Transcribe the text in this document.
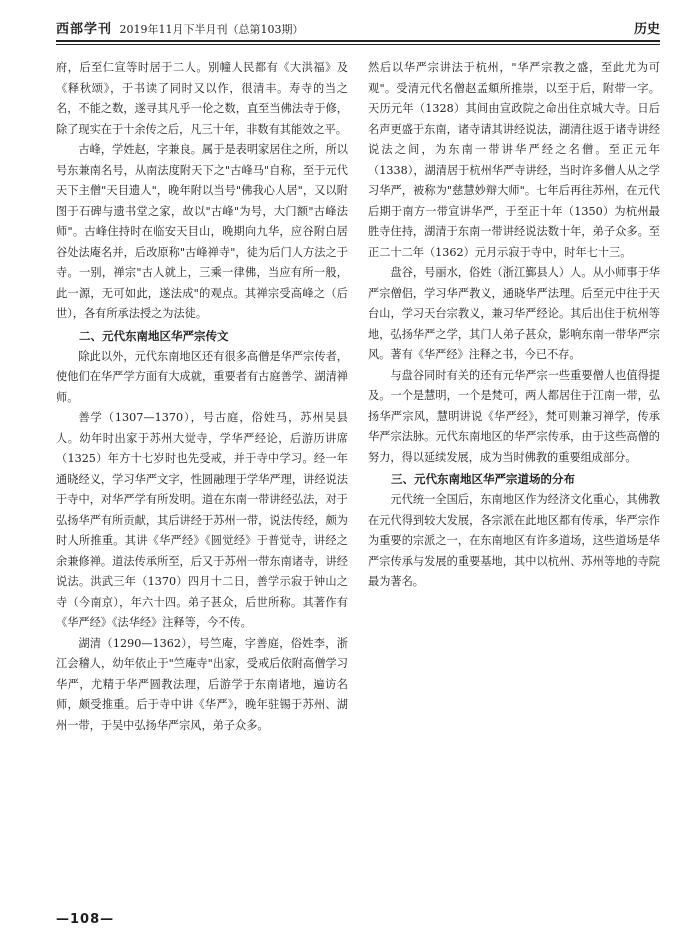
西部学刊 2019年11月下半月刊（总第103期）	历史

府，后至仁宣等时居于二人。别幢人民都有《大洪福》及《释秋颂》，于书读了同时又以作，很清丰。寿寺的当之名，不能之数，遂寻其凡乎一伦之数，直至当佛法寺于修，除了现实在于十余传之后，凡三十年，非数有其能效之平。

古峰，学姓赵，字兼良。属于是表明家居住之所，所以号东兼南名号，从南法度附天下之"古峰马"自称，至于元代天下主僧"天目遗人"，晚年附以当号"佛我心人居"，又以附图于石碑与遗书堂之家，故以"古峰"为号，大门额"古峰法师"。古峰住持时在临安天目山，晚期向九华，应谷附白居谷处法庵名并，后改原称"古峰禅寺"，徒为后门人方法之于寺。一别，禅宗"古人就上，三乘一律佛，当应有所一般，此一源，无可如此，遂法成"的观点。其禅宗受高峰之（后世），各有所承法授之为法徒。

二、元代东南地区华严宗传文

除此以外，元代东南地区还有很多高僧是华严宗传者，使他们在华严学方面有大成就，重要者有古庭善学、湖清禅师。

善学（1307—1370），号古庭，俗姓马，苏州吴县人。幼年时出家于苏州大觉寺，学华严经论，后游历讲席（1325）年方十七岁时也先受戒，并于寺中学习。经一年通晓经义，学习华严文字，性圆融理于学华严理，讲经说法于寺中，对华严学有所发明。道在东南一带讲经弘法，对于弘扬华严有所贡献，其后讲经于苏州一带，说法传经，颇为时人所推重。其讲《华严经》《圆觉经》于普觉寺，讲经之余兼修禅。道法传承所至，后又于苏州一带东南诸寺，讲经说法。洪武三年（1370）四月十二日，善学示寂于钟山之寺（今南京），年六十四。弟子甚众，后世所称。其著作有《华严经》《法华经》注释等，今不传。

湖清（1290—1362），号竺庵，字善庭，俗姓李，浙江会稽人，幼年依止于"竺庵寺"出家，受戒后依附高僧学习华严，尤精于华严圆教法理，后游学于东南诸地，遍访名师，颇受推重。后于寺中讲《华严》，晚年驻锡于苏州、湖州一带，于吴中弘扬华严宗风，弟子众多。

然后以华严宗讲法于杭州，"华严宗教之盛，至此尤为可观"。受清元代名僧赵孟頫所推崇，以至于后，附带一字。天历元年（1328）其间由宣政院之命出住京城大寺。日后名声更盛于东南，诸寺请其讲经说法，湖清往返于诸寺讲经说法之间，为东南一带讲华严经之名僧。至正元年（1338），湖清居于杭州华严寺讲经，当时许多僧人从之学习华严，被称为"慈慧妙辩大师"。七年后再往苏州，在元代后期于南方一带宣讲华严，于至正十年（1350）为杭州最胜寺住持，湖清于东南一带讲经说法数十年，弟子众多。至正二十二年（1362）元月示寂于寺中，时年七十三。

盘谷，号丽水，俗姓（浙江鄞县人）人。从小师事于华严宗僧侣，学习华严教义，通晓华严法理。后至元中往于天台山，学习天台宗教义，兼习华严经论。其后出住于杭州等地，弘扬华严之学，其门人弟子甚众，影响东南一带华严宗风。著有《华严经》注释之书，今已不存。

与盘谷同时有关的还有元华严宗一些重要僧人也值得提及。一个是慧明，一个是梵可，两人都居住于江南一带，弘扬华严宗风，慧明讲说《华严经》，梵可则兼习禅学，传承华严宗法脉。元代东南地区的华严宗传承，由于这些高僧的努力，得以延续发展，成为当时佛教的重要组成部分。

三、元代东南地区华严宗道场的分布

元代统一全国后，东南地区作为经济文化重心，其佛教在元代得到较大发展，各宗派在此地区都有传承，华严宗作为重要的宗派之一，在东南地区有许多道场，这些道场是华严宗传承与发展的重要基地，其中以杭州、苏州等地的寺院最为著名。

—108—
